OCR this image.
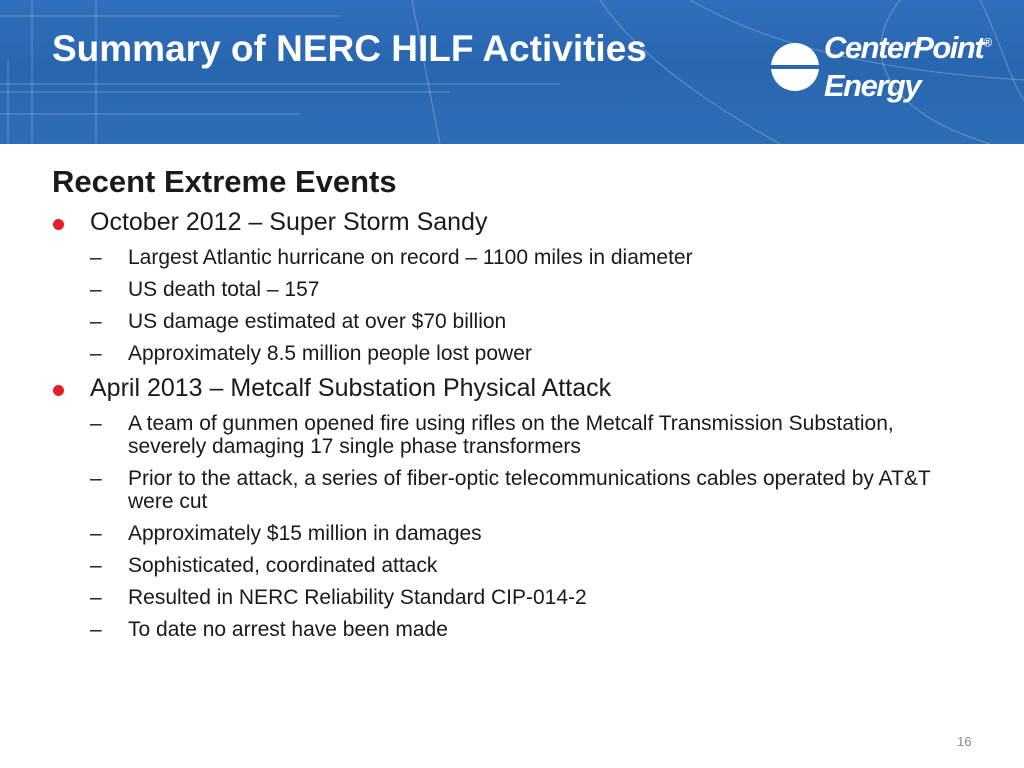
Summary of NERC HILF Activities	CenterPoint®
Energy
Recent Extreme Events
October 2012 – Super Storm Sandy
– Largest Atlantic hurricane on record – 1100 miles in diameter
– US death total – 157
– US damage estimated at over $70 billion
– Approximately 8.5 million people lost power
April 2013 – Metcalf Substation Physical Attack
– A team of gunmen opened fire using rifles on the Metcalf Transmission Substation, severely damaging 17 single phase transformers
– Prior to the attack, a series of fiber-optic telecommunications cables operated by AT&T were cut
– Approximately $15 million in damages
– Sophisticated, coordinated attack
– Resulted in NERC Reliability Standard CIP-014-2
– To date no arrest have been made
16
